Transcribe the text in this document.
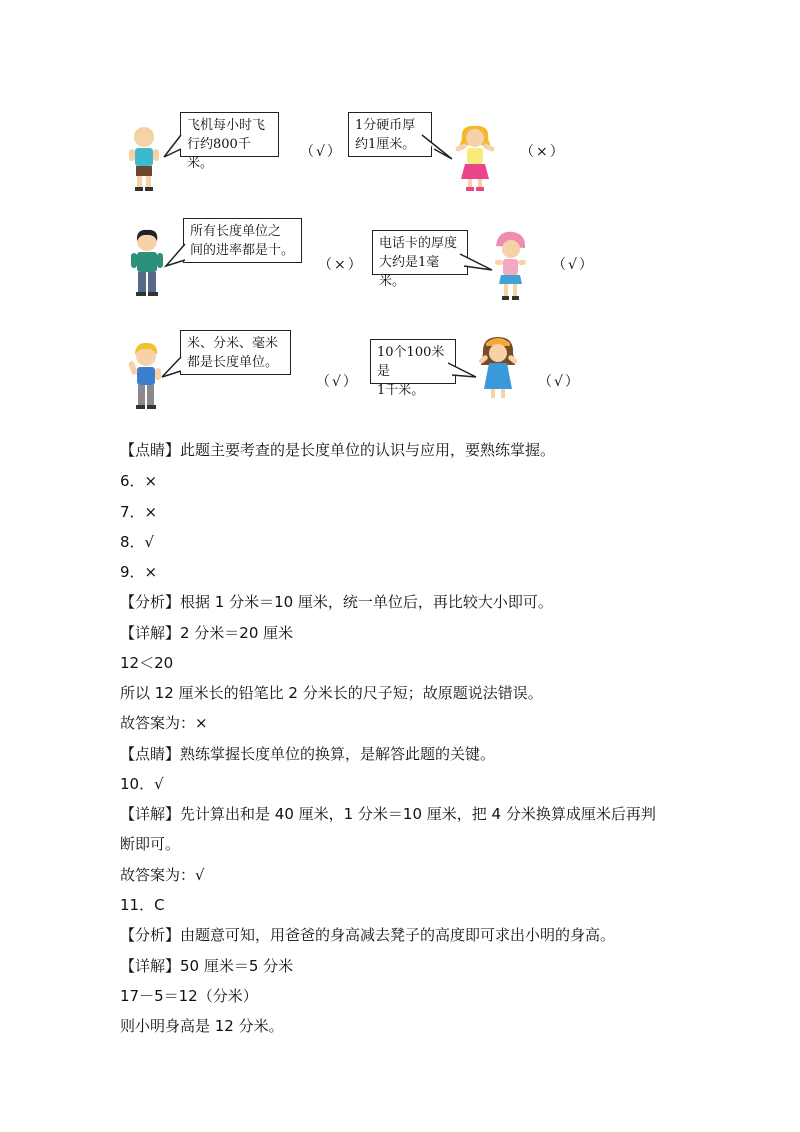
飞机每小时飞
行约800千米。
（√）
1分硬币厚
约1厘米。	（×）
所有长度单位之
间的进率都是十。
（×）
电话卡的厚度
大约是1毫米。
（√）
米、分米、毫米
都是长度单位。
（√）
10个100米是
1千米。
（√）
【点睛】此题主要考查的是长度单位的认识与应用，要熟练掌握。
6．×
7．×
8．√
9．×
【分析】根据 1 分米＝10 厘米，统一单位后，再比较大小即可。
【详解】2 分米＝20 厘米
12＜20
所以 12 厘米长的铅笔比 2 分米长的尺子短；故原题说法错误。
故答案为：×
【点睛】熟练掌握长度单位的换算，是解答此题的关键。
10．√
【详解】先计算出和是 40 厘米，1 分米＝10 厘米，把 4 分米换算成厘米后再判
断即可。
故答案为：√
11．C
【分析】由题意可知，用爸爸的身高减去凳子的高度即可求出小明的身高。
【详解】50 厘米＝5 分米
17－5＝12（分米）
则小明身高是 12 分米。
